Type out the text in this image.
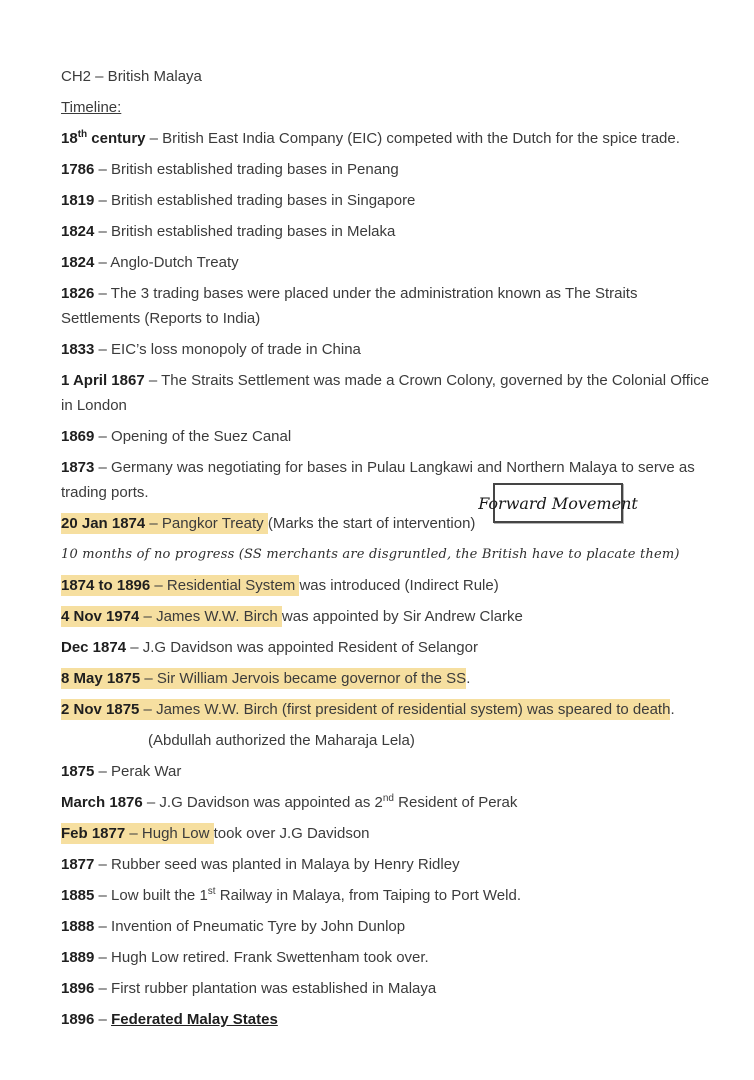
CH2 – British Malaya

Timeline:

18th century – British East India Company (EIC) competed with the Dutch for the spice trade.

1786 – British established trading bases in Penang

1819 – British established trading bases in Singapore

1824 – British established trading bases in Melaka

1824 – Anglo-Dutch Treaty

1826 – The 3 trading bases were placed under the administration known as The Straits
Settlements (Reports to India)

1833 – EIC’s loss monopoly of trade in China

1 April 1867 – The Straits Settlement was made a Crown Colony, governed by the Colonial Office
in London

1869 – Opening of the Suez Canal

1873 – Germany was negotiating for bases in Pulau Langkawi and Northern Malaya to serve as
trading ports.

20 Jan 1874 – Pangkor Treaty (Marks the start of intervention)

10 months of no progress (SS merchants are disgruntled, the British have to placate them)

1874 to 1896 – Residential System was introduced (Indirect Rule)

4 Nov 1974 – James W.W. Birch was appointed by Sir Andrew Clarke

Dec 1874 – J.G Davidson was appointed Resident of Selangor

8 May 1875 – Sir William Jervois became governor of the SS.

2 Nov 1875 – James W.W. Birch (first president of residential system) was speared to death.

(Abdullah authorized the Maharaja Lela)

1875 – Perak War

March 1876 – J.G Davidson was appointed as 2nd Resident of Perak

Feb 1877 – Hugh Low took over J.G Davidson

1877 – Rubber seed was planted in Malaya by Henry Ridley

1885 – Low built the 1st Railway in Malaya, from Taiping to Port Weld.

1888 – Invention of Pneumatic Tyre by John Dunlop

1889 – Hugh Low retired. Frank Swettenham took over.

1896 – First rubber plantation was established in Malaya

1896 – Federated Malay States

Forward Movement
